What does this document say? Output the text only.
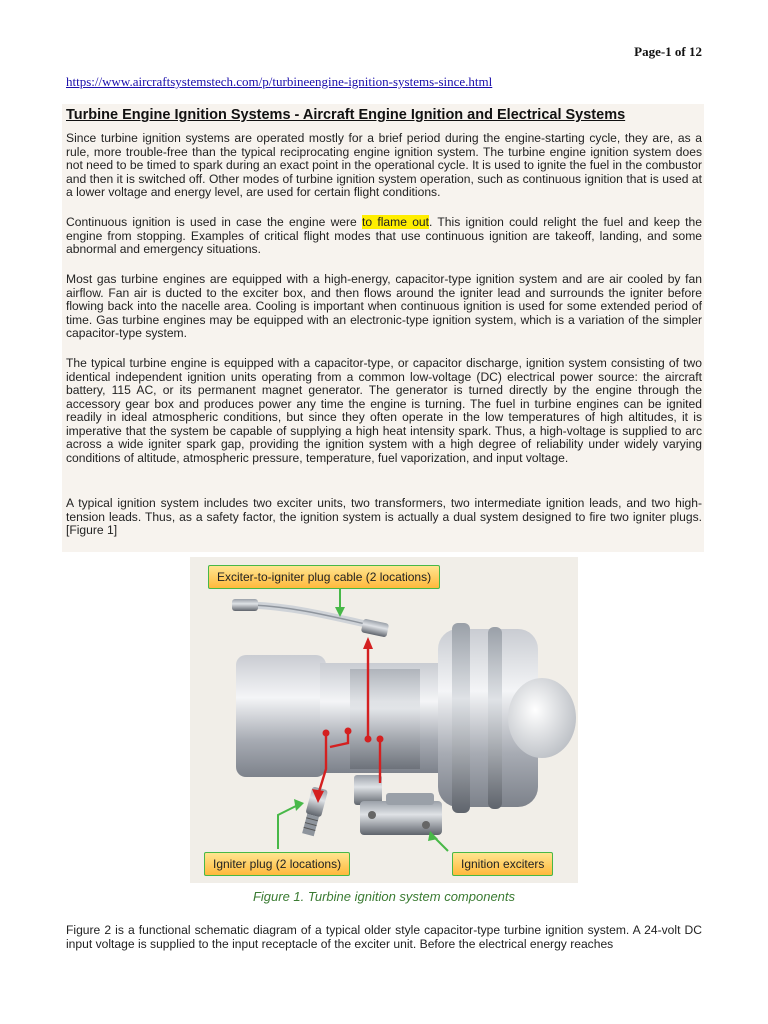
Page-1 of 12
https://www.aircraftsystemstech.com/p/turbineengine-ignition-systems-since.html
Turbine Engine Ignition Systems - Aircraft Engine Ignition and Electrical Systems

Since turbine ignition systems are operated mostly for a brief period during the engine-starting cycle, they are, as a rule, more trouble-free than the typical reciprocating engine ignition system. The turbine engine ignition system does not need to be timed to spark during an exact point in the operational cycle. It is used to ignite the fuel in the combustor and then it is switched off. Other modes of turbine ignition system operation, such as continuous ignition that is used at a lower voltage and energy level, are used for certain flight conditions.

Continuous ignition is used in case the engine were to flame out. This ignition could relight the fuel and keep the engine from stopping. Examples of critical flight modes that use continuous ignition are takeoff, landing, and some abnormal and emergency situations.

Most gas turbine engines are equipped with a high-energy, capacitor-type ignition system and are air cooled by fan airflow. Fan air is ducted to the exciter box, and then flows around the igniter lead and surrounds the igniter before flowing back into the nacelle area. Cooling is important when continuous ignition is used for some extended period of time. Gas turbine engines may be equipped with an electronic-type ignition system, which is a variation of the simpler capacitor-type system.

The typical turbine engine is equipped with a capacitor-type, or capacitor discharge, ignition system consisting of two identical independent ignition units operating from a common low-voltage (DC) electrical power source: the aircraft battery, 115 AC, or its permanent magnet generator. The generator is turned directly by the engine through the accessory gear box and produces power any time the engine is turning. The fuel in turbine engines can be ignited readily in ideal atmospheric conditions, but since they often operate in the low temperatures of high altitudes, it is imperative that the system be capable of supplying a high heat intensity spark. Thus, a high-voltage is supplied to arc across a wide igniter spark gap, providing the ignition system with a high degree of reliability under widely varying conditions of altitude, atmospheric pressure, temperature, fuel vaporization, and input voltage.

A typical ignition system includes two exciter units, two transformers, two intermediate ignition leads, and two high-tension leads. Thus, as a safety factor, the ignition system is actually a dual system designed to fire two igniter plugs. [Figure 1]

Exciter-to-igniter plug cable (2 locations)
Igniter plug (2 locations)	Ignition exciters
Figure 1. Turbine ignition system components

Figure 2 is a functional schematic diagram of a typical older style capacitor-type turbine ignition system. A 24-volt DC input voltage is supplied to the input receptacle of the exciter unit. Before the electrical energy reaches
